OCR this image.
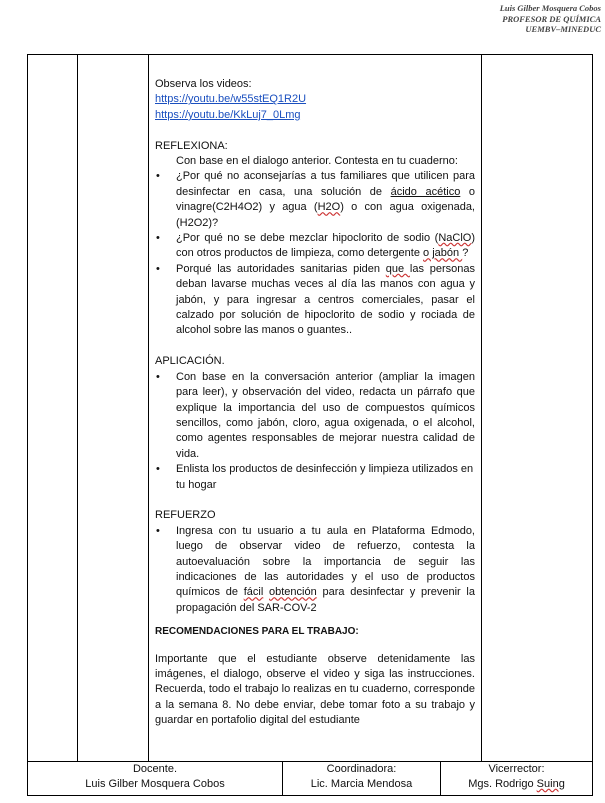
Luis Gilber Mosquera Cobos
PROFESOR DE QUÍMICA
UEMBV–MINEDUC

Observa los videos:

https://youtu.be/w55stEQ1R2U
https://youtu.be/KkLuj7_0Lmg

REFLEXIONA:

Con base en el dialogo anterior. Contesta en tu cuaderno:

• ¿Por qué no aconsejarías a tus familiares que utilicen para desinfectar en casa, una solución de ácido acético o vinagre(C2H4O2) y agua (H2O) o con agua oxigenada,(H2O2)?
• ¿Por qué no se debe mezclar hipoclorito de sodio (NaClO) con otros productos de limpieza, como detergente o jabón ?
• Porqué las autoridades sanitarias piden que las personas deban lavarse muchas veces al día las manos con agua y jabón, y para ingresar a centros comerciales, pasar el calzado por solución de hipoclorito de sodio y rociada de alcohol sobre las manos o guantes..

APLICACIÓN.

• Con base en la conversación anterior (ampliar la imagen para leer), y observación del video, redacta un párrafo que explique la importancia del uso de compuestos químicos sencillos, como jabón, cloro, agua oxigenada, o el alcohol, como agentes responsables de mejorar nuestra calidad de vida.
• Enlista los productos de desinfección y limpieza utilizados en tu hogar

REFUERZO

• Ingresa con tu usuario a tu aula en Plataforma Edmodo, luego de observar video de refuerzo, contesta la autoevaluación sobre la importancia de seguir las indicaciones de las autoridades y el uso de productos químicos de fácil obtención para desinfectar y prevenir la propagación del SAR-COV-2

RECOMENDACIONES PARA EL TRABAJO:

Importante que el estudiante observe detenidamente las imágenes, el dialogo, observe el video y siga las instrucciones. Recuerda, todo el trabajo lo realizas en tu cuaderno, corresponde a la semana 8. No debe enviar, debe tomar foto a su trabajo y guardar en portafolio digital del estudiante

Docente.
Luis Gilber Mosquera Cobos
Coordinadora:
Lic. Marcia Mendosa
Vicerrector:
Mgs. Rodrigo Suing
